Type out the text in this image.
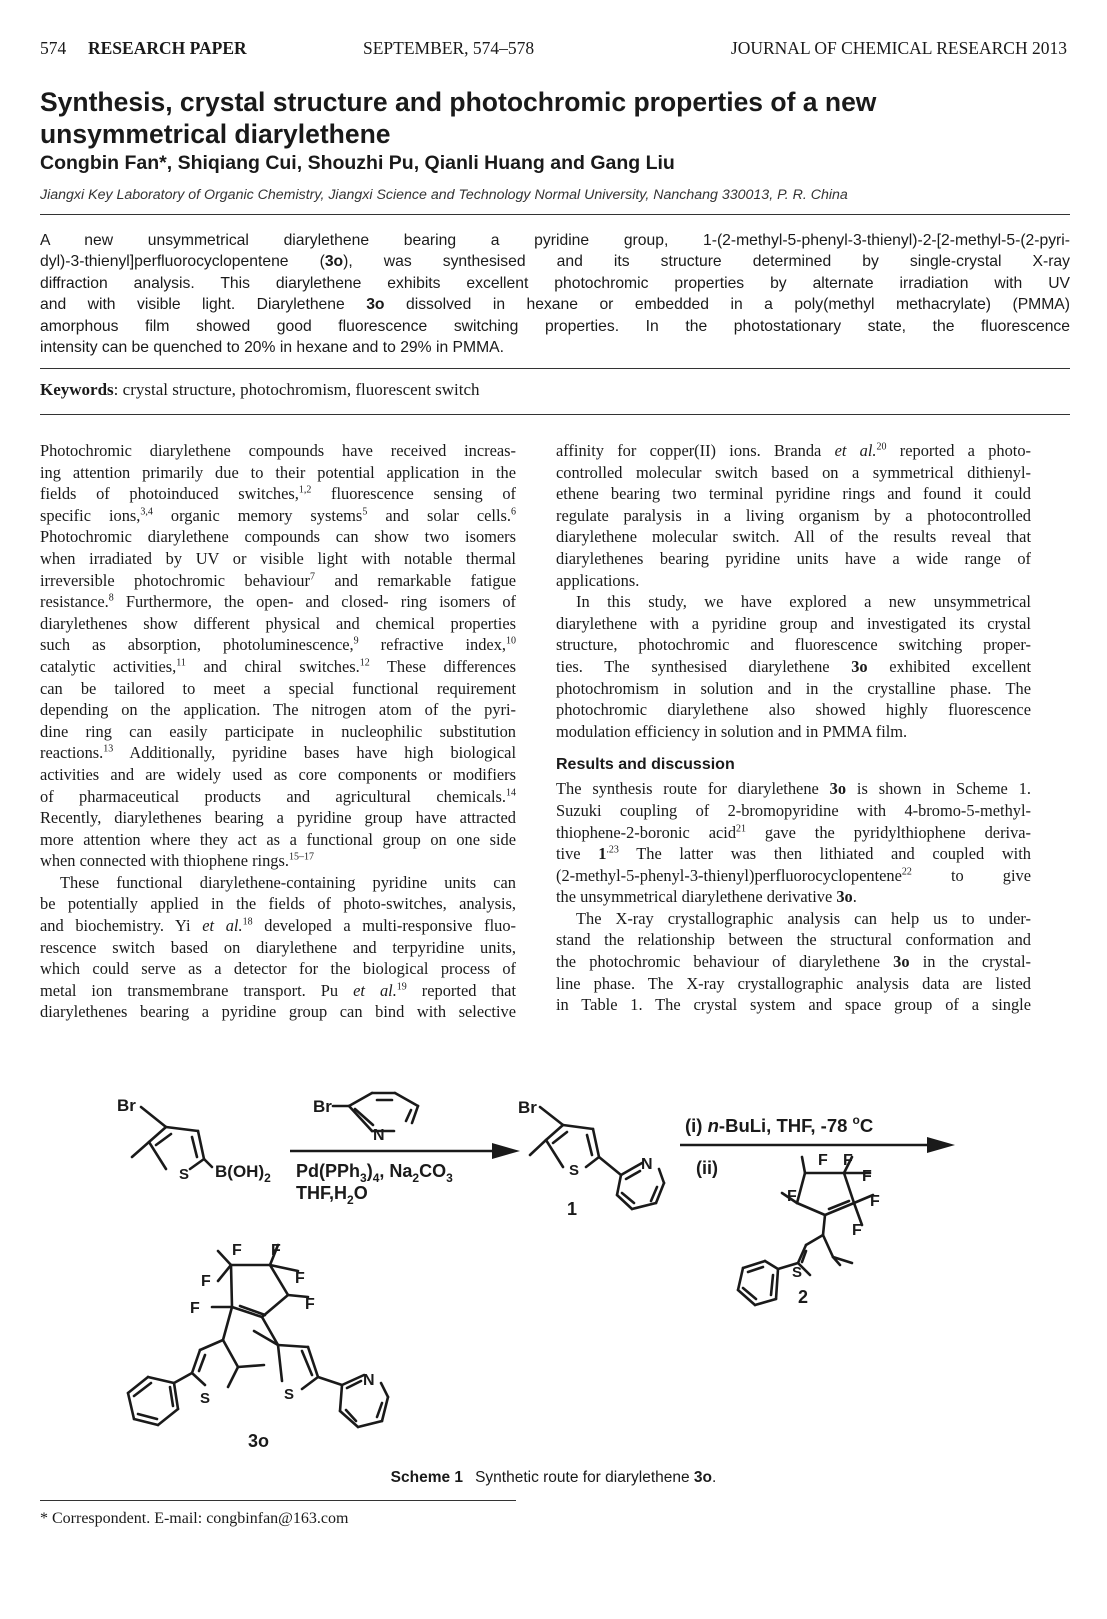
574 RESEARCH PAPER	SEPTEMBER, 574–578	JOURNAL OF CHEMICAL RESEARCH 2013
Synthesis, crystal structure and photochromic properties of a new
unsymmetrical diarylethene
Congbin Fan*, Shiqiang Cui, Shouzhi Pu, Qianli Huang and Gang Liu
Jiangxi Key Laboratory of Organic Chemistry, Jiangxi Science and Technology Normal University, Nanchang 330013, P. R. China
A new unsymmetrical diarylethene bearing a pyridine group, 1-(2-methyl-5-phenyl-3-thienyl)-2-[2-methyl-5-(2-pyri-
dyl)-3-thienyl]perfluorocyclopentene (3o), was synthesised and its structure determined by single-crystal X-ray
diffraction analysis. This diarylethene exhibits excellent photochromic properties by alternate irradiation with UV
and with visible light. Diarylethene 3o dissolved in hexane or embedded in a poly(methyl methacrylate) (PMMA)
amorphous film showed good fluorescence switching properties. In the photostationary state, the fluorescence
intensity can be quenched to 20% in hexane and to 29% in PMMA.
Keywords: crystal structure, photochromism, fluorescent switch
Photochromic diarylethene compounds have received increas-
ing attention primarily due to their potential application in the
fields of photoinduced switches,$^{1,2}$ fluorescence sensing of
specific ions,$^{3,4}$ organic memory systems$^5$ and solar cells.$^6$
Photochromic diarylethene compounds can show two isomers
when irradiated by UV or visible light with notable thermal
irreversible photochromic behaviour$^7$ and remarkable fatigue
resistance.$^8$ Furthermore, the open- and closed- ring isomers of
diarylethenes show different physical and chemical properties
such as absorption, photoluminescence,$^9$ refractive index,$^{10}$
catalytic activities,$^{11}$ and chiral switches.$^{12}$ These differences
can be tailored to meet a special functional requirement
depending on the application. The nitrogen atom of the pyri-
dine ring can easily participate in nucleophilic substitution
reactions.$^{13}$ Additionally, pyridine bases have high biological
activities and are widely used as core components or modifiers
of pharmaceutical products and agricultural chemicals.$^{14}$
Recently, diarylethenes bearing a pyridine group have attracted
more attention where they act as a functional group on one side
when connected with thiophene rings.$^{15-17}$
These functional diarylethene-containing pyridine units can
be potentially applied in the fields of photo-switches, analysis,
and biochemistry. Yi et al.$^{18}$ developed a multi-responsive fluo-
rescence switch based on diarylethene and terpyridine units,
which could serve as a detector for the biological process of
metal ion transmembrane transport. Pu et al.$^{19}$ reported that
diarylethenes bearing a pyridine group can bind with selective
affinity for copper(II) ions. Branda et al.$^{20}$ reported a photo-
controlled molecular switch based on a symmetrical dithienyl-
ethene bearing two terminal pyridine rings and found it could
regulate paralysis in a living organism by a photocontrolled
diarylethene molecular switch. All of the results reveal that
diarylethenes bearing pyridine units have a wide range of
applications.
In this study, we have explored a new unsymmetrical
diarylethene with a pyridine group and investigated its crystal
structure, photochromic and fluorescence switching proper-
ties. The synthesised diarylethene 3o exhibited excellent
photochromism in solution and in the crystalline phase. The
photochromic diarylethene also showed highly fluorescence
modulation efficiency in solution and in PMMA film.
Results and discussion
The synthesis route for diarylethene 3o is shown in Scheme 1.
Suzuki coupling of 2-bromopyridine with 4-bromo-5-methyl-
thiophene-2-boronic acid$^{21}$ gave the pyridylthiophene deriva-
tive $1^{.23}$ The latter was then lithiated and coupled with
(2-methyl-5-phenyl-3-thienyl)perfluorocyclopentene$^{22}$ to give
the unsymmetrical diarylethene derivative 3o.
The X-ray crystallographic analysis can help us to under-
stand the relationship between the structural conformation and
the photochromic behaviour of diarylethene 3o in the crystal-
line phase. The X-ray crystallographic analysis data are listed
in Table 1. The crystal system and space group of a single
Br
S $B(OH)_2$
Br
N
Br
S	N
1
$Pd(PPh_3)_4$, $Na_2CO_3$
$THF,H_2O$
(i) n-BuLi, THF, -78 $^o$C
(ii)	F F
F
F
F
F
S
2
F F
F	F
F	F
S	S
N
3o
Scheme 1 Synthetic route for diarylethene 3o.
* Correspondent. E-mail: congbinfan@163.com
